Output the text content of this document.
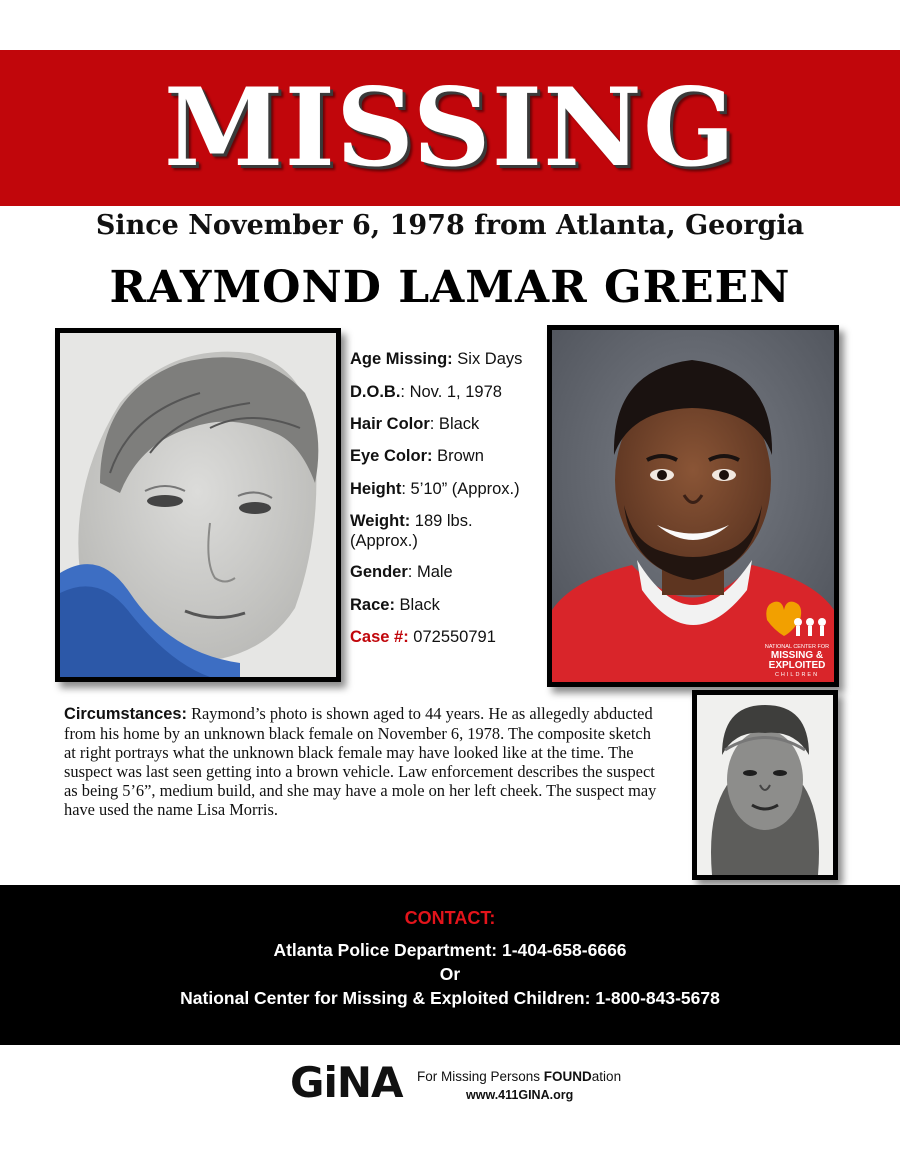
MISSING
Since November 6, 1978 from Atlanta, Georgia
RAYMOND LAMAR GREEN
Age Missing: Six Days
D.O.B.: Nov. 1, 1978
Hair Color: Black
Eye Color: Brown
Height: 5’10” (Approx.)
Weight: 189 lbs.
(Approx.)
Gender: Male
Race: Black
Case #: 072550791
NATIONAL CENTER FOR
MISSING &
EXPLOITED
CHILDREN
Circumstances: Raymond’s photo is shown aged to 44 years. He as allegedly abducted from his home by an unknown black female on November 6, 1978. The composite sketch at right portrays what the unknown black female may have looked like at the time. The suspect was last seen getting into a brown vehicle. Law enforcement describes the suspect as being 5’6”, medium build, and she may have a mole on her left cheek. The suspect may have used the name Lisa Morris.
CONTACT:
Atlanta Police Department: 1-404-658-6666
Or
National Center for Missing & Exploited Children: 1-800-843-5678
GiNA For Missing Persons FOUNDation
www.411GINA.org
